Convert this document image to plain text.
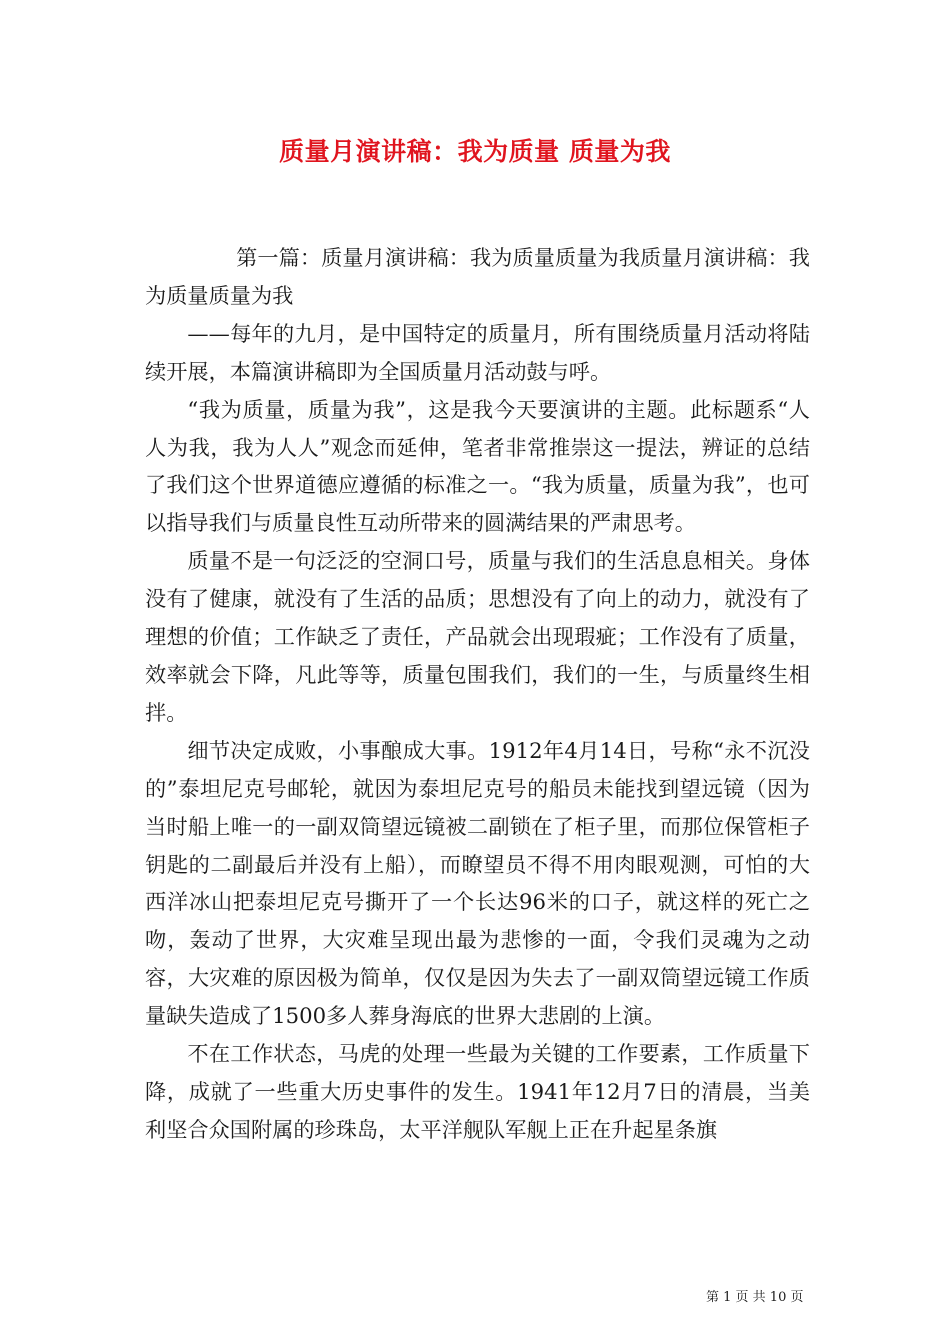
质量月演讲稿：我为质量 质量为我

第一篇：质量月演讲稿：我为质量质量为我质量月演讲稿：我为质量质量为我

——每年的九月，是中国特定的质量月，所有围绕质量月活动将陆续开展，本篇演讲稿即为全国质量月活动鼓与呼。

“我为质量，质量为我”，这是我今天要演讲的主题。此标题系“人人为我，我为人人”观念而延伸，笔者非常推崇这一提法，辨证的总结了我们这个世界道德应遵循的标准之一。“我为质量，质量为我”，也可以指导我们与质量良性互动所带来的圆满结果的严肃思考。

质量不是一句泛泛的空洞口号，质量与我们的生活息息相关。身体没有了健康，就没有了生活的品质；思想没有了向上的动力，就没有了理想的价值；工作缺乏了责任，产品就会出现瑕疵；工作没有了质量，效率就会下降，凡此等等，质量包围我们，我们的一生，与质量终生相拌。

细节决定成败，小事酿成大事。1912年4月14日，号称“永不沉没的”泰坦尼克号邮轮，就因为泰坦尼克号的船员未能找到望远镜（因为当时船上唯一的一副双筒望远镜被二副锁在了柜子里，而那位保管柜子钥匙的二副最后并没有上船），而瞭望员不得不用肉眼观测，可怕的大西洋冰山把泰坦尼克号撕开了一个长达96米的口子，就这样的死亡之吻，轰动了世界，大灾难呈现出最为悲惨的一面，令我们灵魂为之动容，大灾难的原因极为简单，仅仅是因为失去了一副双筒望远镜工作质量缺失造成了1500多人葬身海底的世界大悲剧的上演。

不在工作状态，马虎的处理一些最为关键的工作要素，工作质量下降，成就了一些重大历史事件的发生。1941年12月7日的清晨，当美利坚合众国附属的珍珠岛，太平洋舰队军舰上正在升起星条旗

第 1 页 共 10 页
